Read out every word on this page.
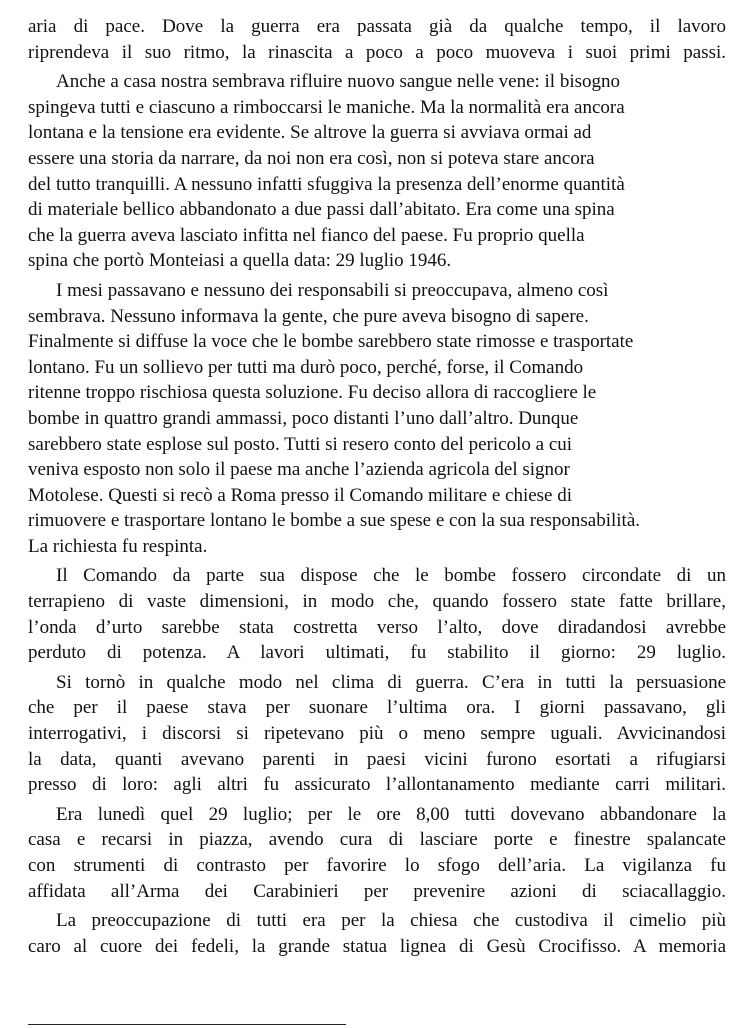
aria di pace. Dove la guerra era passata già da qualche tempo, il lavoro
riprendeva il suo ritmo, la rinascita a poco a poco muoveva i suoi primi passi.

Anche a casa nostra sembrava rifluire nuovo sangue nelle vene: il bisogno
spingeva tutti e ciascuno a rimboccarsi le maniche. Ma la normalità era ancora
lontana e la tensione era evidente. Se altrove la guerra si avviava ormai ad
essere una storia da narrare, da noi non era così, non si poteva stare ancora
del tutto tranquilli. A nessuno infatti sfuggiva la presenza dell’enorme quantità
di materiale bellico abbandonato a due passi dall’abitato. Era come una spina
che la guerra aveva lasciato infitta nel fianco del paese. Fu proprio quella
spina che portò Monteiasi a quella data: 29 luglio 1946.

I mesi passavano e nessuno dei responsabili si preoccupava, almeno così
sembrava. Nessuno informava la gente, che pure aveva bisogno di sapere.
Finalmente si diffuse la voce che le bombe sarebbero state rimosse e trasportate
lontano. Fu un sollievo per tutti ma durò poco, perché, forse, il Comando
ritenne troppo rischiosa questa soluzione. Fu deciso allora di raccogliere le
bombe in quattro grandi ammassi, poco distanti l’uno dall’altro. Dunque
sarebbero state esplose sul posto. Tutti si resero conto del pericolo a cui
veniva esposto non solo il paese ma anche l’azienda agricola del signor
Motolese. Questi si recò a Roma presso il Comando militare e chiese di
rimuovere e trasportare lontano le bombe a sue spese e con la sua responsabilità.
La richiesta fu respinta.

Il Comando da parte sua dispose che le bombe fossero circondate di un
terrapieno di vaste dimensioni, in modo che, quando fossero state fatte brillare,
l’onda d’urto sarebbe stata costretta verso l’alto, dove diradandosi avrebbe
perduto di potenza. A lavori ultimati, fu stabilito il giorno: 29 luglio.

Si tornò in qualche modo nel clima di guerra. C’era in tutti la persuasione
che per il paese stava per suonare l’ultima ora. I giorni passavano, gli
interrogativi, i discorsi si ripetevano più o meno sempre uguali. Avvicinandosi
la data, quanti avevano parenti in paesi vicini furono esortati a rifugiarsi
presso di loro: agli altri fu assicurato l’allontanamento mediante carri militari.

Era lunedì quel 29 luglio; per le ore 8,00 tutti dovevano abbandonare la
casa e recarsi in piazza, avendo cura di lasciare porte e finestre spalancate
con strumenti di contrasto per favorire lo sfogo dell’aria. La vigilanza fu
affidata all’Arma dei Carabinieri per prevenire azioni di sciacallaggio.

La preoccupazione di tutti era per la chiesa che custodiva il cimelio più
caro al cuore dei fedeli, la grande statua lignea di Gesù Crocifisso. A memoria
